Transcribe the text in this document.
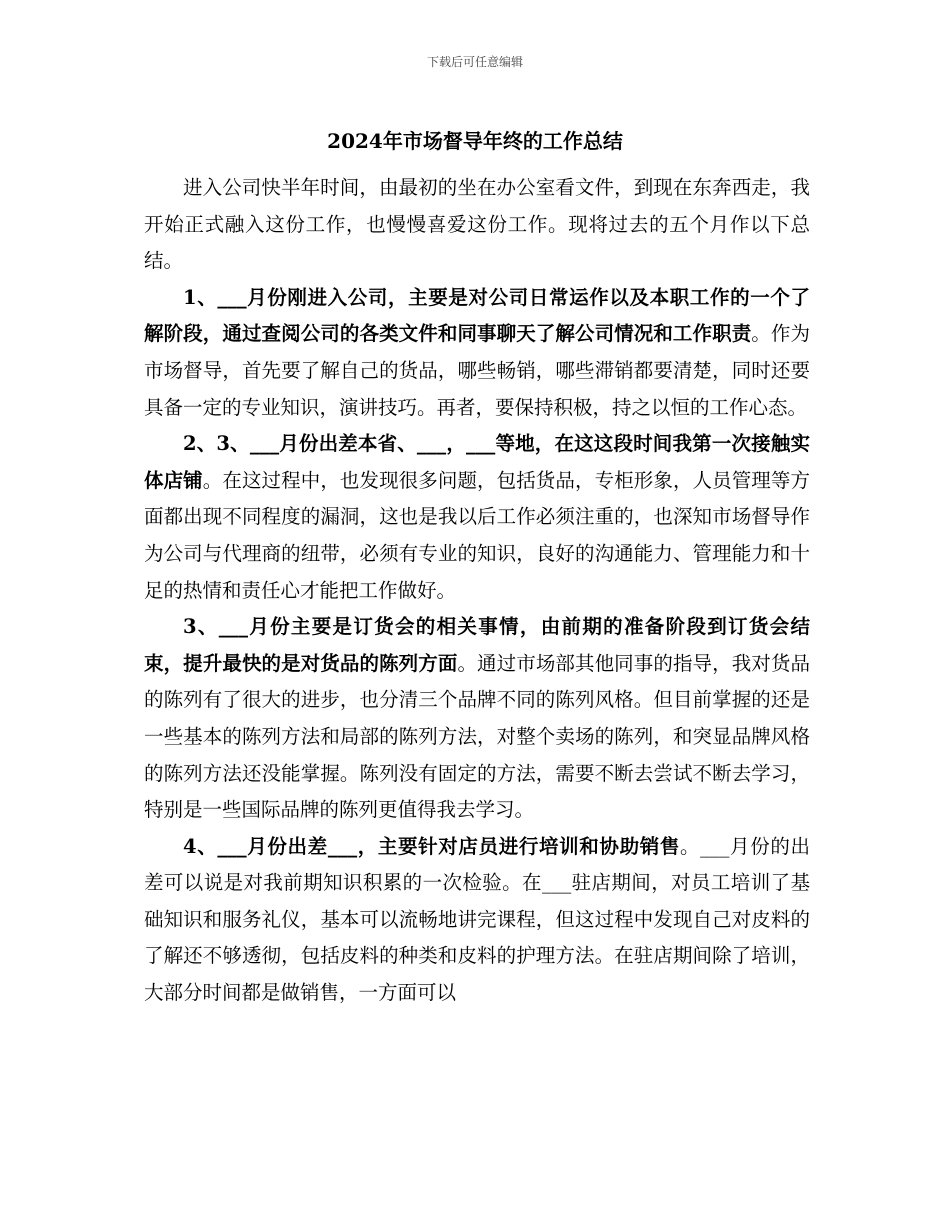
下载后可任意编辑
2024年市场督导年终的工作总结

进入公司快半年时间，由最初的坐在办公室看文件，到现在东奔西走，我开始正式融入这份工作，也慢慢喜爱这份工作。现将过去的五个月作以下总结。

1、___月份刚进入公司，主要是对公司日常运作以及本职工作的一个了解阶段，通过查阅公司的各类文件和同事聊天了解公司情况和工作职责。作为市场督导，首先要了解自己的货品，哪些畅销，哪些滞销都要清楚，同时还要具备一定的专业知识，演讲技巧。再者，要保持积极，持之以恒的工作心态。

2、3、___月份出差本省、___，___等地，在这这段时间我第一次接触实体店铺。在这过程中，也发现很多问题，包括货品，专柜形象，人员管理等方面都出现不同程度的漏洞，这也是我以后工作必须注重的，也深知市场督导作为公司与代理商的纽带，必须有专业的知识，良好的沟通能力、管理能力和十足的热情和责任心才能把工作做好。

3、___月份主要是订货会的相关事情，由前期的准备阶段到订货会结束，提升最快的是对货品的陈列方面。通过市场部其他同事的指导，我对货品的陈列有了很大的进步，也分清三个品牌不同的陈列风格。但目前掌握的还是一些基本的陈列方法和局部的陈列方法，对整个卖场的陈列，和突显品牌风格的陈列方法还没能掌握。陈列没有固定的方法，需要不断去尝试不断去学习，特别是一些国际品牌的陈列更值得我去学习。

4、___月份出差___，主要针对店员进行培训和协助销售。___月份的出差可以说是对我前期知识积累的一次检验。在___驻店期间，对员工培训了基础知识和服务礼仪，基本可以流畅地讲完课程，但这过程中发现自己对皮料的了解还不够透彻，包括皮料的种类和皮料的护理方法。在驻店期间除了培训，大部分时间都是做销售，一方面可以
